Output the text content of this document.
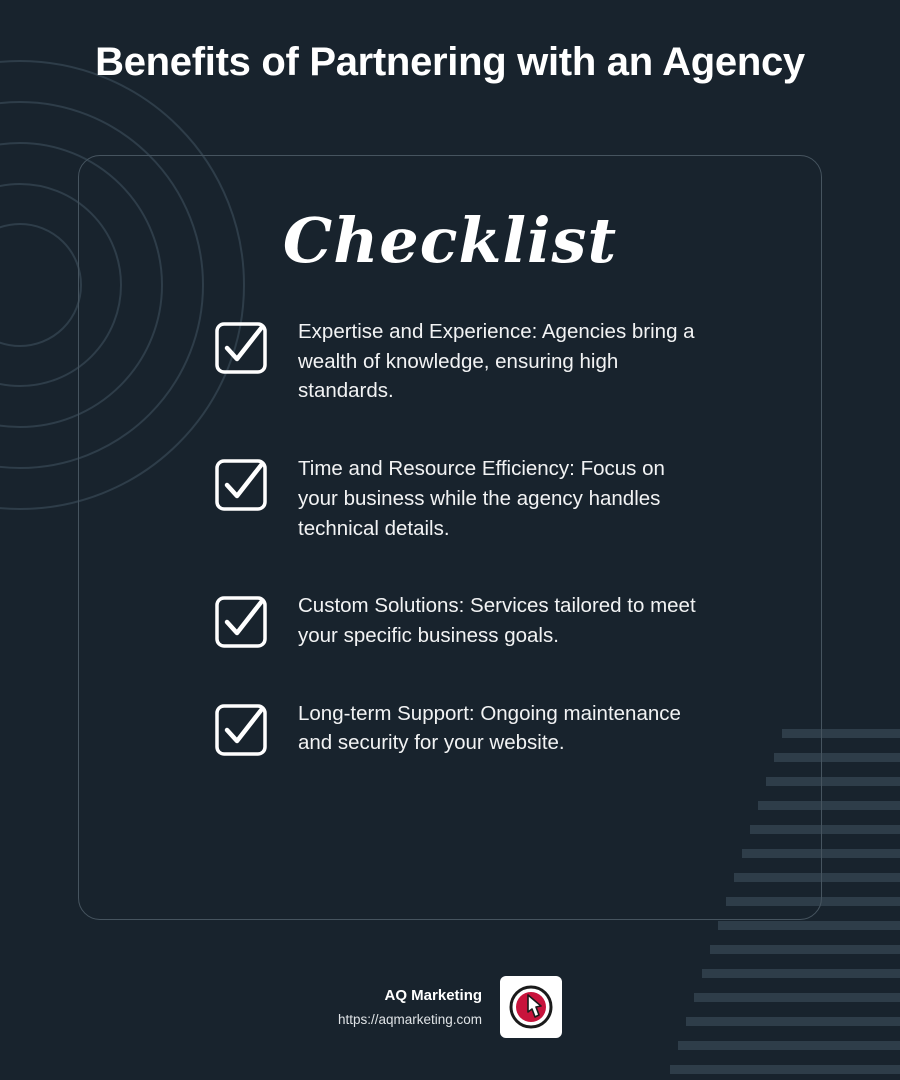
Benefits of Partnering with an Agency
Checklist
Expertise and Experience: Agencies bring a wealth of knowledge, ensuring high standards.
Time and Resource Efficiency: Focus on your business while the agency handles technical details.
Custom Solutions: Services tailored to meet your specific business goals.
Long-term Support: Ongoing maintenance and security for your website.
AQ Marketing
https://aqmarketing.com
